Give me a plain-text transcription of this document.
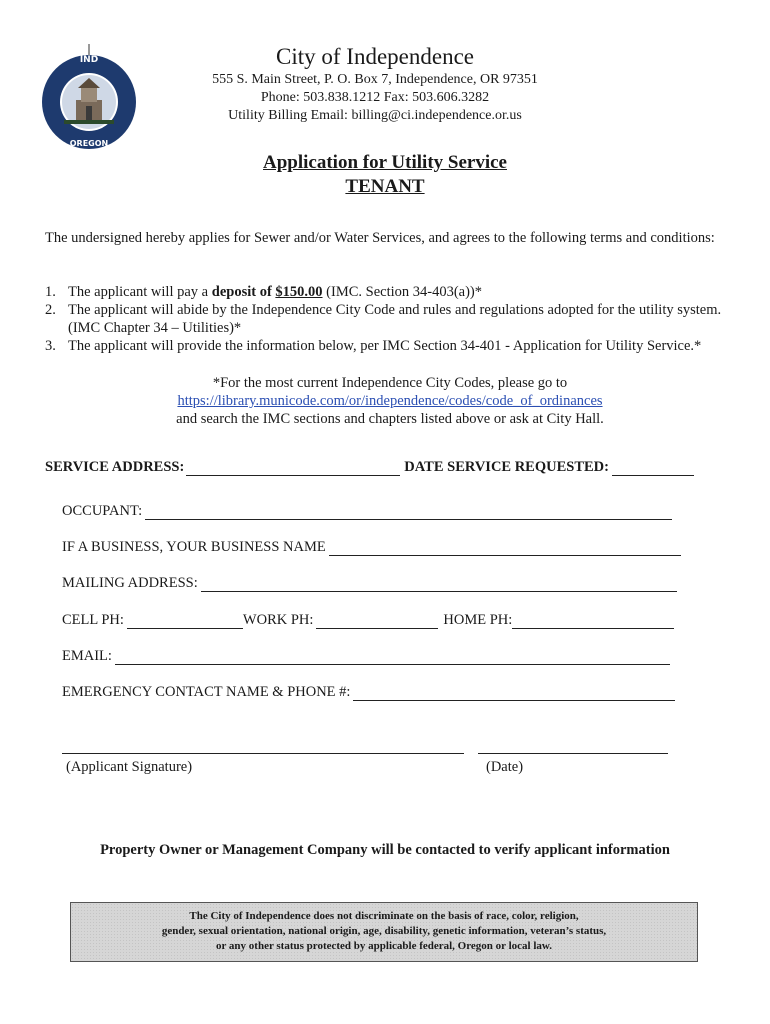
IND
OREGON
City of Independence
555 S. Main Street, P. O. Box 7, Independence, OR 97351
Phone: 503.838.1212 Fax: 503.606.3282
Utility Billing Email: billing@ci.independence.or.us
Application for Utility Service
TENANT
The undersigned hereby applies for Sewer and/or Water Services, and agrees to the following terms and conditions:
1. The applicant will pay a deposit of $150.00 (IMC. Section 34-403(a))*
2. The applicant will abide by the Independence City Code and rules and regulations adopted for the utility system. (IMC Chapter 34 – Utilities)*
3. The applicant will provide the information below, per IMC Section 34-401 - Application for Utility Service.*
*For the most current Independence City Codes, please go to
https://library.municode.com/or/independence/codes/code_of_ordinances
and search the IMC sections and chapters listed above or ask at City Hall.
SERVICE ADDRESS:	DATE SERVICE REQUESTED:
OCCUPANT:
IF A BUSINESS, YOUR BUSINESS NAME
MAILING ADDRESS:
CELL PH:	WORK PH:	HOME PH:
EMAIL:
EMERGENCY CONTACT NAME & PHONE #:
(Applicant Signature)	(Date)
Property Owner or Management Company will be contacted to verify applicant information
The City of Independence does not discriminate on the basis of race, color, religion,
gender, sexual orientation, national origin, age, disability, genetic information, veteran’s status,
or any other status protected by applicable federal, Oregon or local law.
